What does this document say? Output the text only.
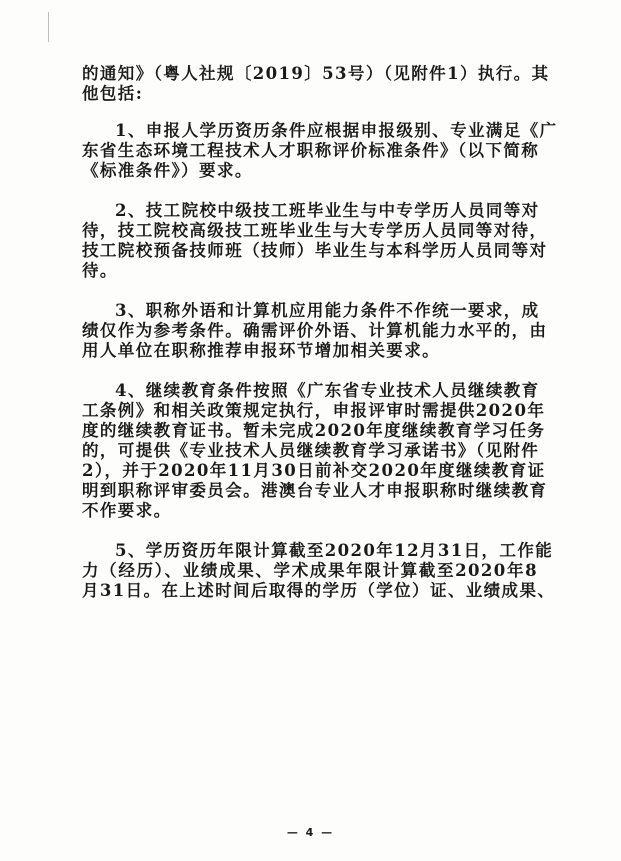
的通知》（粤人社规〔2019〕53号）（见附件1）执行。其
他包括:
1、申报人学历资历条件应根据申报级别、专业满足《广
东省生态环境工程技术人才职称评价标准条件》（以下简称
《标准条件》）要求。
2、技工院校中级技工班毕业生与中专学历人员同等对
待，技工院校高级技工班毕业生与大专学历人员同等对待，
技工院校预备技师班（技师）毕业生与本科学历人员同等对
待。
3、职称外语和计算机应用能力条件不作统一要求，成
绩仅作为参考条件。确需评价外语、计算机能力水平的，由
用人单位在职称推荐申报环节增加相关要求。
4、继续教育条件按照《广东省专业技术人员继续教育
工条例》和相关政策规定执行，申报评审时需提供2020年
度的继续教育证书。暂未完成2020年度继续教育学习任务
的，可提供《专业技术人员继续教育学习承诺书》（见附件
2），并于2020年11月30日前补交2020年度继续教育证
明到职称评审委员会。港澳台专业人才申报职称时继续教育
不作要求。
5、学历资历年限计算截至2020年12月31日，工作能
力（经历）、业绩成果、学术成果年限计算截至2020年8
月31日。在上述时间后取得的学历（学位）证、业绩成果、
— 4 —
